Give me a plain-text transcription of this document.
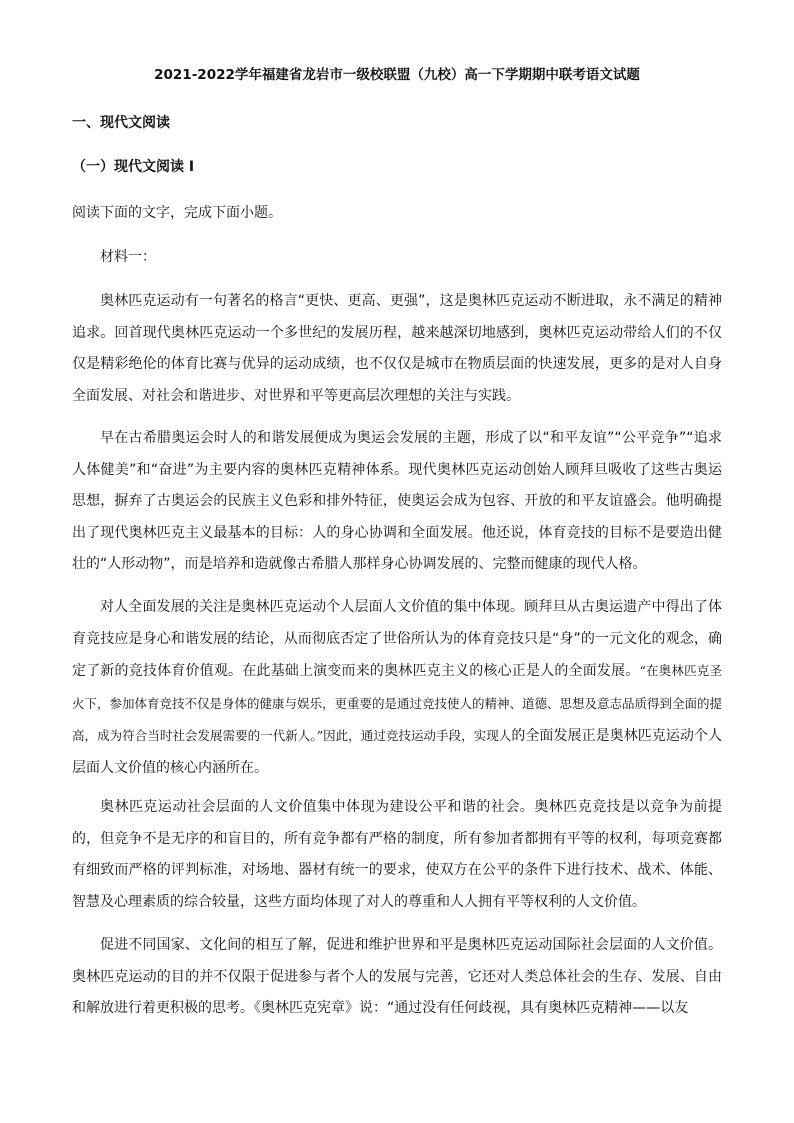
2021-2022学年福建省龙岩市一级校联盟（九校）高一下学期期中联考语文试题
一、现代文阅读
（一）现代文阅读 I
阅读下面的文字，完成下面小题。
材料一：

奥林匹克运动有一句著名的格言“更快、更高、更强”，这是奥林匹克运动不断进取，永不满足的精神追求。回首现代奥林匹克运动一个多世纪的发展历程，越来越深切地感到，奥林匹克运动带给人们的不仅仅是精彩绝伦的体育比赛与优异的运动成绩，也不仅仅是城市在物质层面的快速发展，更多的是对人自身全面发展、对社会和谐进步、对世界和平等更高层次理想的关注与实践。

早在古希腊奥运会时人的和谐发展便成为奥运会发展的主题，形成了以“和平友谊”“公平竞争”“追求人体健美”和“奋进”为主要内容的奥林匹克精神体系。现代奥林匹克运动创始人顾拜旦吸收了这些古奥运思想，摒弃了古奥运会的民族主义色彩和排外特征，使奥运会成为包容、开放的和平友谊盛会。他明确提出了现代奥林匹克主义最基本的目标：人的身心协调和全面发展。他还说，体育竞技的目标不是要造出健壮的“人形动物”，而是培养和造就像古希腊人那样身心协调发展的、完整而健康的现代人格。

对人全面发展的关注是奥林匹克运动个人层面人文价值的集中体现。顾拜旦从古奥运遗产中得出了体育竞技应是身心和谐发展的结论，从而彻底否定了世俗所认为的体育竞技只是“身”的一元文化的观念，确定了新的竞技体育价值观。在此基础上演变而来的奥林匹克主义的核心正是人的全面发展。“在奥林匹克圣火下，参加体育竞技不仅是身体的健康与娱乐，更重要的是通过竞技使人的精神、道德、思想及意志品质得到全面的提高，成为符合当时社会发展需要的一代新人。”因此，通过竞技运动手段，实现人的全面发展正是奥林匹克运动个人层面人文价值的核心内涵所在。

奥林匹克运动社会层面的人文价值集中体现为建设公平和谐的社会。奥林匹克竞技是以竞争为前提的，但竞争不是无序的和盲目的，所有竞争都有严格的制度，所有参加者都拥有平等的权利，每项竞赛都有细致而严格的评判标准，对场地、器材有统一的要求，使双方在公平的条件下进行技术、战术、体能、智慧及心理素质的综合较量，这些方面均体现了对人的尊重和人人拥有平等权利的人文价值。

促进不同国家、文化间的相互了解，促进和维护世界和平是奥林匹克运动国际社会层面的人文价值。奥林匹克运动的目的并不仅限于促进参与者个人的发展与完善，它还对人类总体社会的生存、发展、自由和解放进行着更积极的思考。《奥林匹克宪章》说：“通过没有任何歧视，具有奥林匹克精神——以友
